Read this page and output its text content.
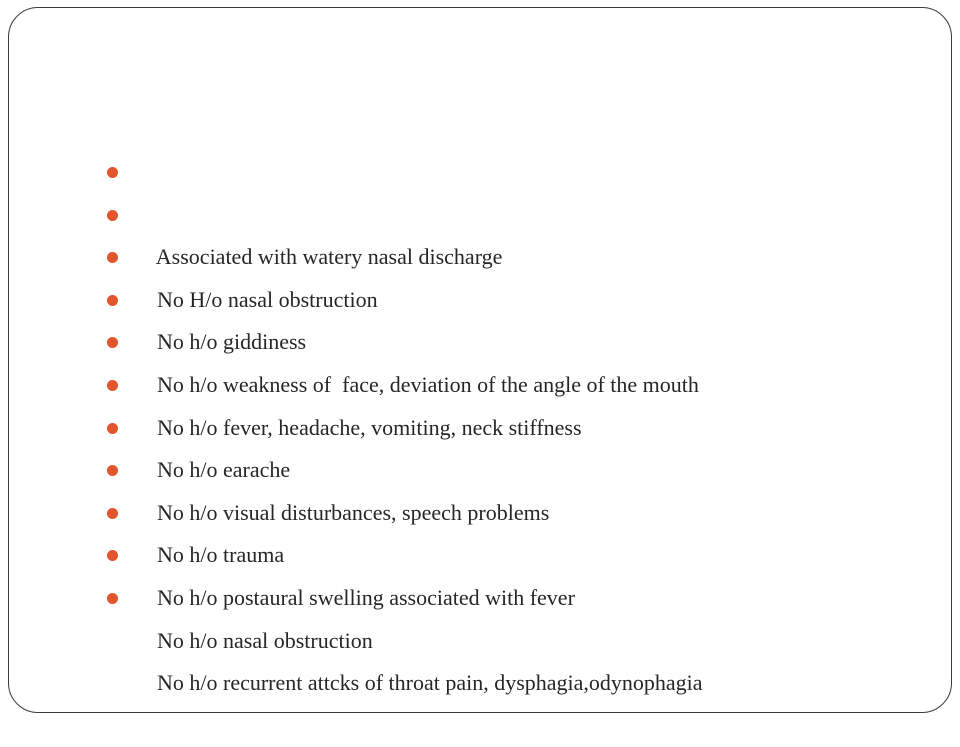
Associated with watery nasal discharge

No H/o nasal obstruction

No h/o giddiness

No h/o weakness of  face, deviation of the angle of the mouth

No h/o fever, headache, vomiting, neck stiffness

No h/o earache

No h/o visual disturbances, speech problems

No h/o trauma

No h/o postaural swelling associated with fever

No h/o nasal obstruction

No h/o recurrent attcks of throat pain, dysphagia,odynophagia
